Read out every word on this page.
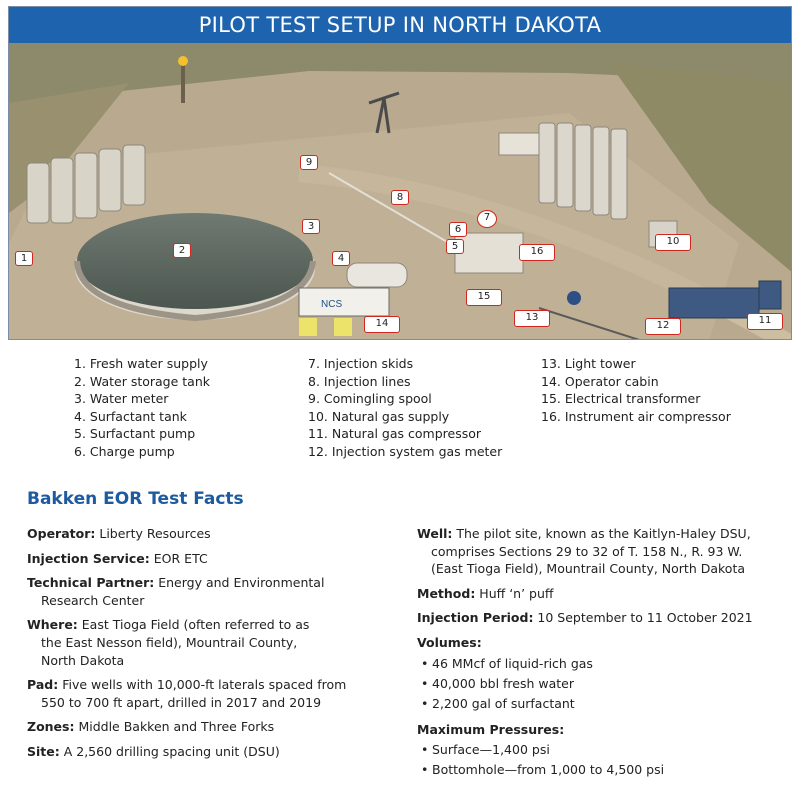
PILOT TEST SETUP IN NORTH DAKOTA
NCS
1
2
3
4
5
6
7
8
9
10
11
12
13
14
15
16
1. Fresh water supply
2. Water storage tank
3. Water meter
4. Surfactant tank
5. Surfactant pump
6. Charge pump
7. Injection skids
8. Injection lines
9. Comingling spool
10. Natural gas supply
11. Natural gas compressor
12. Injection system gas meter
13. Light tower
14. Operator cabin
15. Electrical transformer
16. Instrument air compressor
Bakken EOR Test Facts
Operator: Liberty Resources
Injection Service: EOR ETC
Technical Partner: Energy and Environmental
Research Center
Where: East Tioga Field (often referred to as
the East Nesson field), Mountrail County,
North Dakota
Pad: Five wells with 10,000-ft laterals spaced from
550 to 700 ft apart, drilled in 2017 and 2019
Zones: Middle Bakken and Three Forks
Site: A 2,560 drilling spacing unit (DSU)
Well: The pilot site, known as the Kaitlyn-Haley DSU,
comprises Sections 29 to 32 of T. 158 N., R. 93 W.
(East Tioga Field), Mountrail County, North Dakota
Method: Huff ‘n’ puff
Injection Period: 10 September to 11 October 2021
Volumes:
• 46 MMcf of liquid-rich gas
• 40,000 bbl fresh water
• 2,200 gal of surfactant
Maximum Pressures:
• Surface—1,400 psi
• Bottomhole—from 1,000 to 4,500 psi
